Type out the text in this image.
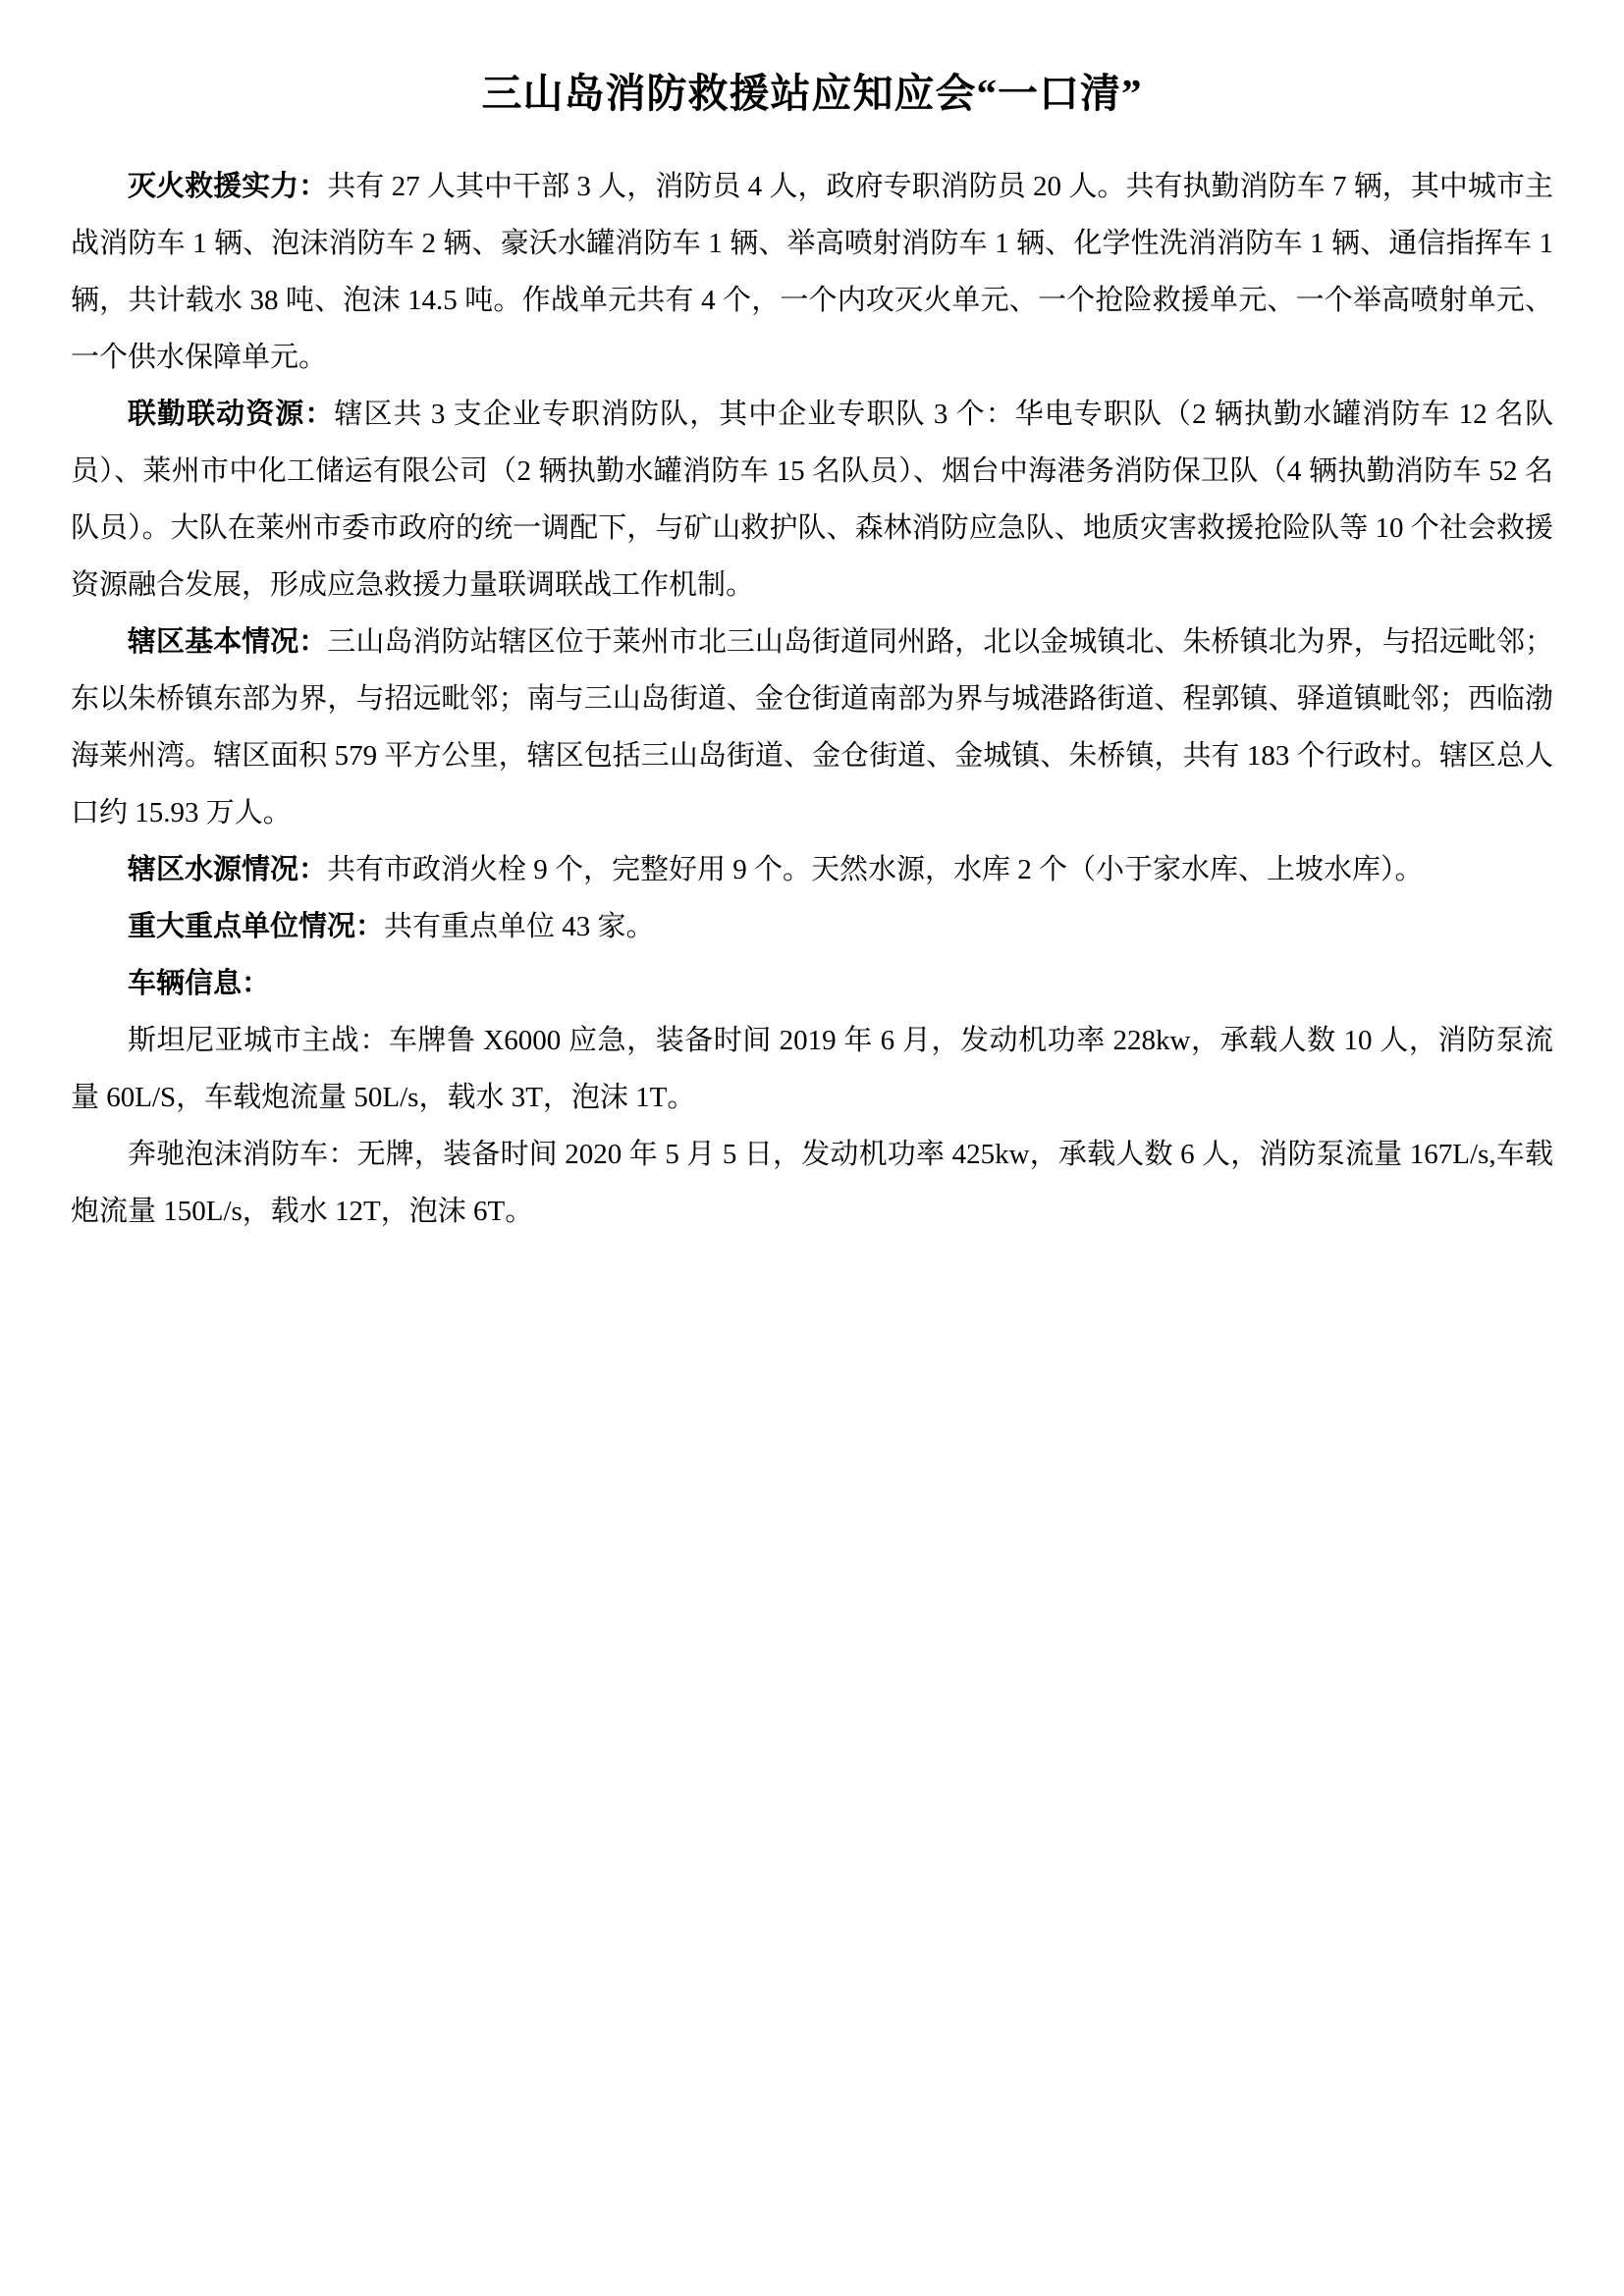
三山岛消防救援站应知应会“一口清”

灭火救援实力：共有 27 人其中干部 3 人，消防员 4 人，政府专职消防员 20 人。共有执勤消防车 7 辆，其中城市主战消防车 1 辆、泡沫消防车 2 辆、豪沃水罐消防车 1 辆、举高喷射消防车 1 辆、化学性洗消消防车 1 辆、通信指挥车 1 辆，共计载水 38 吨、泡沫 14.5 吨。作战单元共有 4 个，一个内攻灭火单元、一个抢险救援单元、一个举高喷射单元、一个供水保障单元。

联勤联动资源：辖区共 3 支企业专职消防队，其中企业专职队 3 个：华电专职队（2 辆执勤水罐消防车 12 名队员）、莱州市中化工储运有限公司（2 辆执勤水罐消防车 15 名队员）、烟台中海港务消防保卫队（4 辆执勤消防车 52 名队员）。大队在莱州市委市政府的统一调配下，与矿山救护队、森林消防应急队、地质灾害救援抢险队等 10 个社会救援资源融合发展，形成应急救援力量联调联战工作机制。

辖区基本情况：三山岛消防站辖区位于莱州市北三山岛街道同州路，北以金城镇北、朱桥镇北为界，与招远毗邻；东以朱桥镇东部为界，与招远毗邻；南与三山岛街道、金仓街道南部为界与城港路街道、程郭镇、驿道镇毗邻；西临渤海莱州湾。辖区面积 579 平方公里，辖区包括三山岛街道、金仓街道、金城镇、朱桥镇，共有 183 个行政村。辖区总人口约 15.93 万人。

辖区水源情况：共有市政消火栓 9 个，完整好用 9 个。天然水源，水库 2 个（小于家水库、上坡水库）。

重大重点单位情况：共有重点单位 43 家。

车辆信息：

斯坦尼亚城市主战：车牌鲁 X6000 应急，装备时间 2019 年 6 月，发动机功率 228kw，承载人数 10 人，消防泵流量 60L/S，车载炮流量 50L/s，载水 3T，泡沫 1T。

奔驰泡沫消防车：无牌，装备时间 2020 年 5 月 5 日，发动机功率 425kw，承载人数 6 人，消防泵流量 167L/s,车载炮流量 150L/s，载水 12T，泡沫 6T。
